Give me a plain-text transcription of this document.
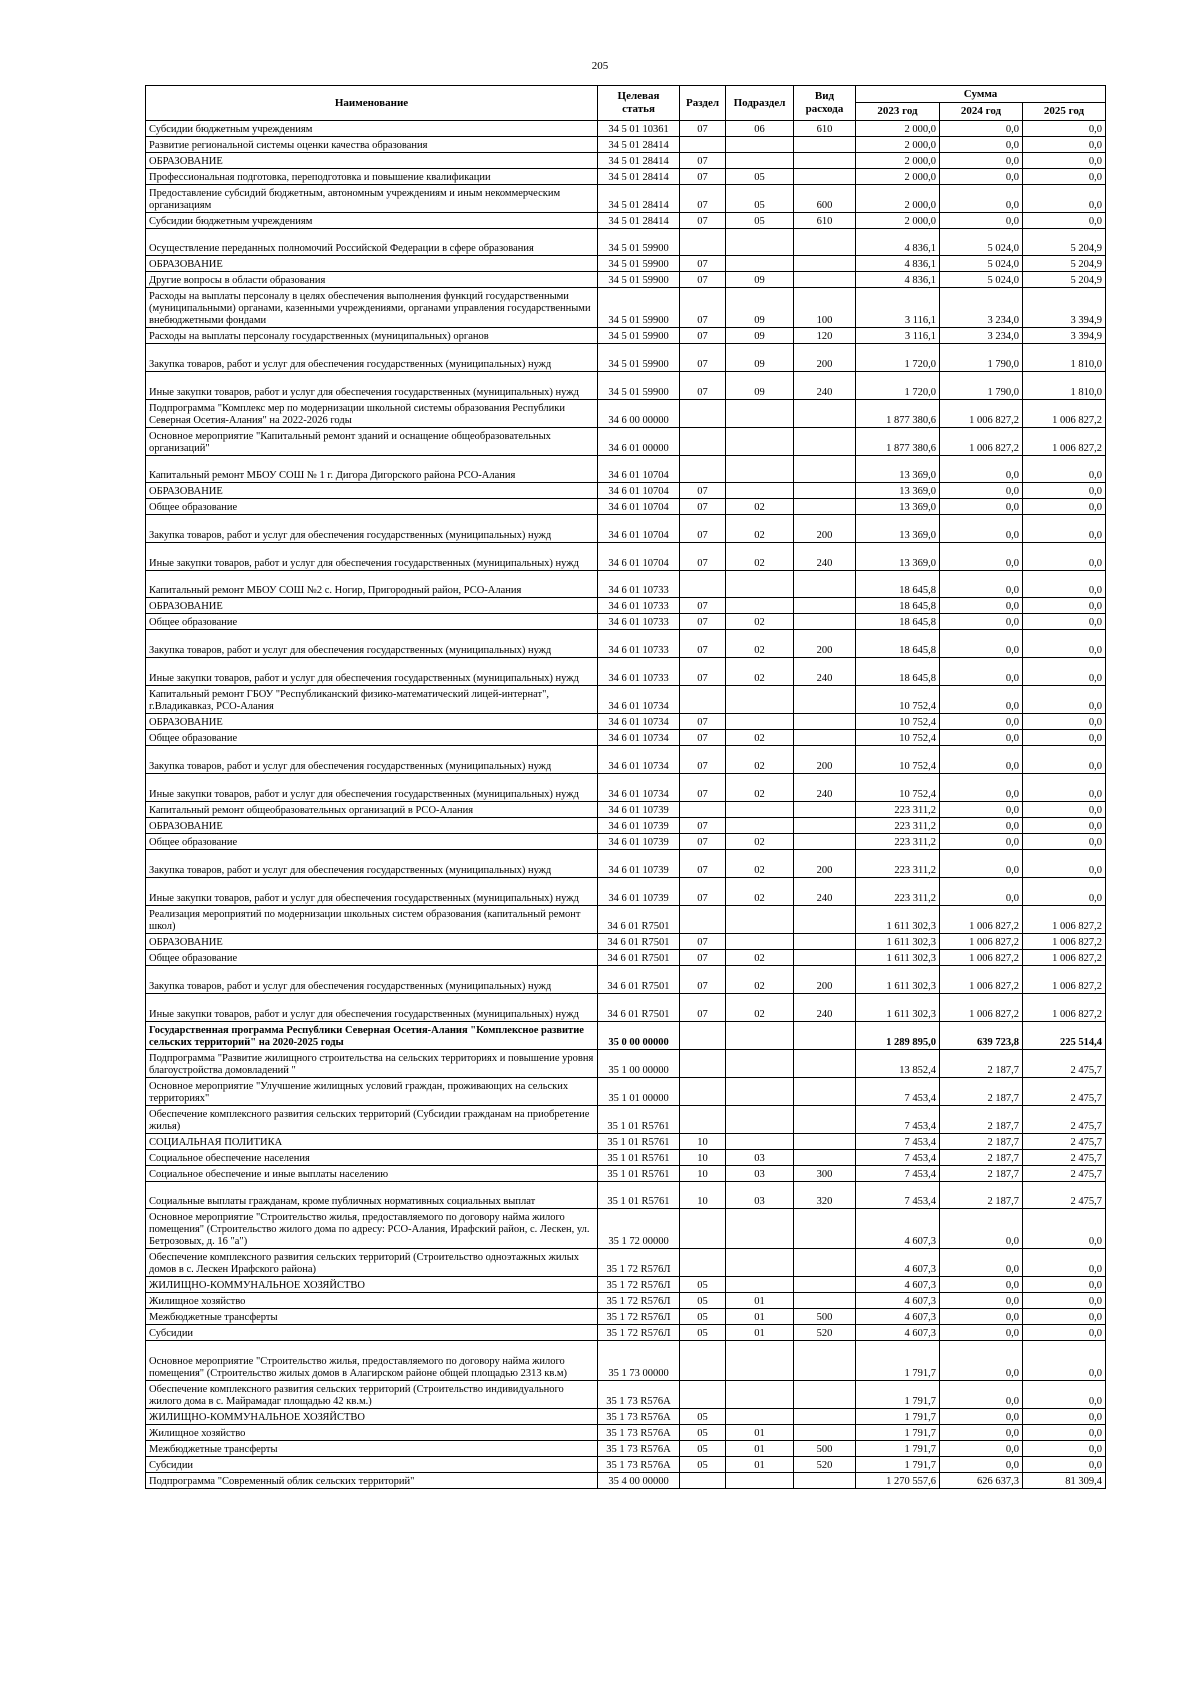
205
Наименование	Целевая статья	Раздел	Подраздел	Вид расхода	Сумма		
					2023 год	2024 год	2025 год
Субсидии бюджетным учреждениям	34 5 01 10361	07	06	610	2 000,0	0,0	0,0
Развитие региональной системы оценки качества образования	34 5 01 28414				2 000,0	0,0	0,0
ОБРАЗОВАНИЕ	34 5 01 28414	07			2 000,0	0,0	0,0
Профессиональная подготовка, переподготовка и повышение квалификации	34 5 01 28414	07	05		2 000,0	0,0	0,0
Предоставление субсидий бюджетным, автономным учреждениям и иным некоммерческим организациям	34 5 01 28414	07	05	600	2 000,0	0,0	0,0
Субсидии бюджетным учреждениям	34 5 01 28414	07	05	610	2 000,0	0,0	0,0
Осуществление переданных полномочий Российской Федерации в сфере образования	34 5 01 59900				4 836,1	5 024,0	5 204,9
ОБРАЗОВАНИЕ	34 5 01 59900	07			4 836,1	5 024,0	5 204,9
Другие вопросы в области образования	34 5 01 59900	07	09		4 836,1	5 024,0	5 204,9
Расходы на выплаты персоналу в целях обеспечения выполнения функций государственными (муниципальными) органами, казенными учреждениями, органами управления государственными внебюджетными фондами	34 5 01 59900	07	09	100	3 116,1	3 234,0	3 394,9
Расходы на выплаты персоналу государственных (муниципальных) органов	34 5 01 59900	07	09	120	3 116,1	3 234,0	3 394,9
Закупка товаров, работ и услуг для обеспечения государственных (муниципальных) нужд	34 5 01 59900	07	09	200	1 720,0	1 790,0	1 810,0
Иные закупки товаров, работ и услуг для обеспечения государственных (муниципальных) нужд	34 5 01 59900	07	09	240	1 720,0	1 790,0	1 810,0
Подпрограмма "Комплекс мер по модернизации школьной системы образования Республики Северная Осетия-Алания" на 2022-2026 годы	34 6 00 00000				1 877 380,6	1 006 827,2	1 006 827,2
Основное мероприятие "Капитальный ремонт зданий и оснащение общеобразовательных организаций"	34 6 01 00000				1 877 380,6	1 006 827,2	1 006 827,2
Капитальный ремонт МБОУ СОШ № 1 г. Дигора Дигорского района РСО-Алания	34 6 01 10704				13 369,0	0,0	0,0
ОБРАЗОВАНИЕ	34 6 01 10704	07			13 369,0	0,0	0,0
Общее образование	34 6 01 10704	07	02		13 369,0	0,0	0,0
Закупка товаров, работ и услуг для обеспечения государственных (муниципальных) нужд	34 6 01 10704	07	02	200	13 369,0	0,0	0,0
Иные закупки товаров, работ и услуг для обеспечения государственных (муниципальных) нужд	34 6 01 10704	07	02	240	13 369,0	0,0	0,0
Капитальный ремонт МБОУ СОШ №2 с. Ногир, Пригородный район, РСО-Алания	34 6 01 10733				18 645,8	0,0	0,0
ОБРАЗОВАНИЕ	34 6 01 10733	07			18 645,8	0,0	0,0
Общее образование	34 6 01 10733	07	02		18 645,8	0,0	0,0
Закупка товаров, работ и услуг для обеспечения государственных (муниципальных) нужд	34 6 01 10733	07	02	200	18 645,8	0,0	0,0
Иные закупки товаров, работ и услуг для обеспечения государственных (муниципальных) нужд	34 6 01 10733	07	02	240	18 645,8	0,0	0,0
Капитальный ремонт ГБОУ "Республиканский физико-математический лицей-интернат", г.Владикавказ, РСО-Алания	34 6 01 10734				10 752,4	0,0	0,0
ОБРАЗОВАНИЕ	34 6 01 10734	07			10 752,4	0,0	0,0
Общее образование	34 6 01 10734	07	02		10 752,4	0,0	0,0
Закупка товаров, работ и услуг для обеспечения государственных (муниципальных) нужд	34 6 01 10734	07	02	200	10 752,4	0,0	0,0
Иные закупки товаров, работ и услуг для обеспечения государственных (муниципальных) нужд	34 6 01 10734	07	02	240	10 752,4	0,0	0,0
Капитальный ремонт общеобразовательных организаций в РСО-Алания	34 6 01 10739				223 311,2	0,0	0,0
ОБРАЗОВАНИЕ	34 6 01 10739	07			223 311,2	0,0	0,0
Общее образование	34 6 01 10739	07	02		223 311,2	0,0	0,0
Закупка товаров, работ и услуг для обеспечения государственных (муниципальных) нужд	34 6 01 10739	07	02	200	223 311,2	0,0	0,0
Иные закупки товаров, работ и услуг для обеспечения государственных (муниципальных) нужд	34 6 01 10739	07	02	240	223 311,2	0,0	0,0
Реализация мероприятий по модернизации школьных систем образования (капитальный ремонт школ)	34 6 01 R7501				1 611 302,3	1 006 827,2	1 006 827,2
ОБРАЗОВАНИЕ	34 6 01 R7501	07			1 611 302,3	1 006 827,2	1 006 827,2
Общее образование	34 6 01 R7501	07	02		1 611 302,3	1 006 827,2	1 006 827,2
Закупка товаров, работ и услуг для обеспечения государственных (муниципальных) нужд	34 6 01 R7501	07	02	200	1 611 302,3	1 006 827,2	1 006 827,2
Иные закупки товаров, работ и услуг для обеспечения государственных (муниципальных) нужд	34 6 01 R7501	07	02	240	1 611 302,3	1 006 827,2	1 006 827,2
Государственная программа Республики Северная Осетия-Алания "Комплексное развитие сельских территорий" на 2020-2025 годы	35 0 00 00000				1 289 895,0	639 723,8	225 514,4
Подпрограмма "Развитие жилищного строительства на сельских территориях и повышение уровня благоустройства домовладений "	35 1 00 00000				13 852,4	2 187,7	2 475,7
Основное мероприятие "Улучшение жилищных условий граждан, проживающих на сельских территориях"	35 1 01 00000				7 453,4	2 187,7	2 475,7
Обеспечение комплексного развития сельских территорий (Субсидии гражданам на приобретение жилья)	35 1 01 R5761				7 453,4	2 187,7	2 475,7
СОЦИАЛЬНАЯ ПОЛИТИКА	35 1 01 R5761	10			7 453,4	2 187,7	2 475,7
Социальное обеспечение населения	35 1 01 R5761	10	03		7 453,4	2 187,7	2 475,7
Социальное обеспечение и иные выплаты населению	35 1 01 R5761	10	03	300	7 453,4	2 187,7	2 475,7
Социальные выплаты гражданам, кроме публичных нормативных социальных выплат	35 1 01 R5761	10	03	320	7 453,4	2 187,7	2 475,7
Основное мероприятие "Строительство жилья, предоставляемого по договору найма жилого помещения" (Строительство жилого дома по адресу: РСО-Алания, Ирафский район, с. Лескен, ул. Бетрозовых, д. 16 "а")	35 1 72 00000				4 607,3	0,0	0,0
Обеспечение комплексного развития сельских территорий (Строительство одноэтажных жилых домов в с. Лескен Ирафского района)	35 1 72 R576Л				4 607,3	0,0	0,0
ЖИЛИЩНО-КОММУНАЛЬНОЕ ХОЗЯЙСТВО	35 1 72 R576Л	05			4 607,3	0,0	0,0
Жилищное хозяйство	35 1 72 R576Л	05	01		4 607,3	0,0	0,0
Межбюджетные трансферты	35 1 72 R576Л	05	01	500	4 607,3	0,0	0,0
Субсидии	35 1 72 R576Л	05	01	520	4 607,3	0,0	0,0
Основное мероприятие "Строительство жилья, предоставляемого по договору найма жилого помещения" (Строительство жилых домов в Алагирском районе общей площадью 2313 кв.м)	35 1 73 00000				1 791,7	0,0	0,0
Обеспечение комплексного развития сельских территорий (Строительство индивидуального жилого дома в с. Майрамадаг площадью 42 кв.м.)	35 1 73 R576А				1 791,7	0,0	0,0
ЖИЛИЩНО-КОММУНАЛЬНОЕ ХОЗЯЙСТВО	35 1 73 R576А	05			1 791,7	0,0	0,0
Жилищное хозяйство	35 1 73 R576А	05	01		1 791,7	0,0	0,0
Межбюджетные трансферты	35 1 73 R576А	05	01	500	1 791,7	0,0	0,0
Субсидии	35 1 73 R576А	05	01	520	1 791,7	0,0	0,0
Подпрограмма "Современный облик сельских территорий"	35 4 00 00000				1 270 557,6	626 637,3	81 309,4
